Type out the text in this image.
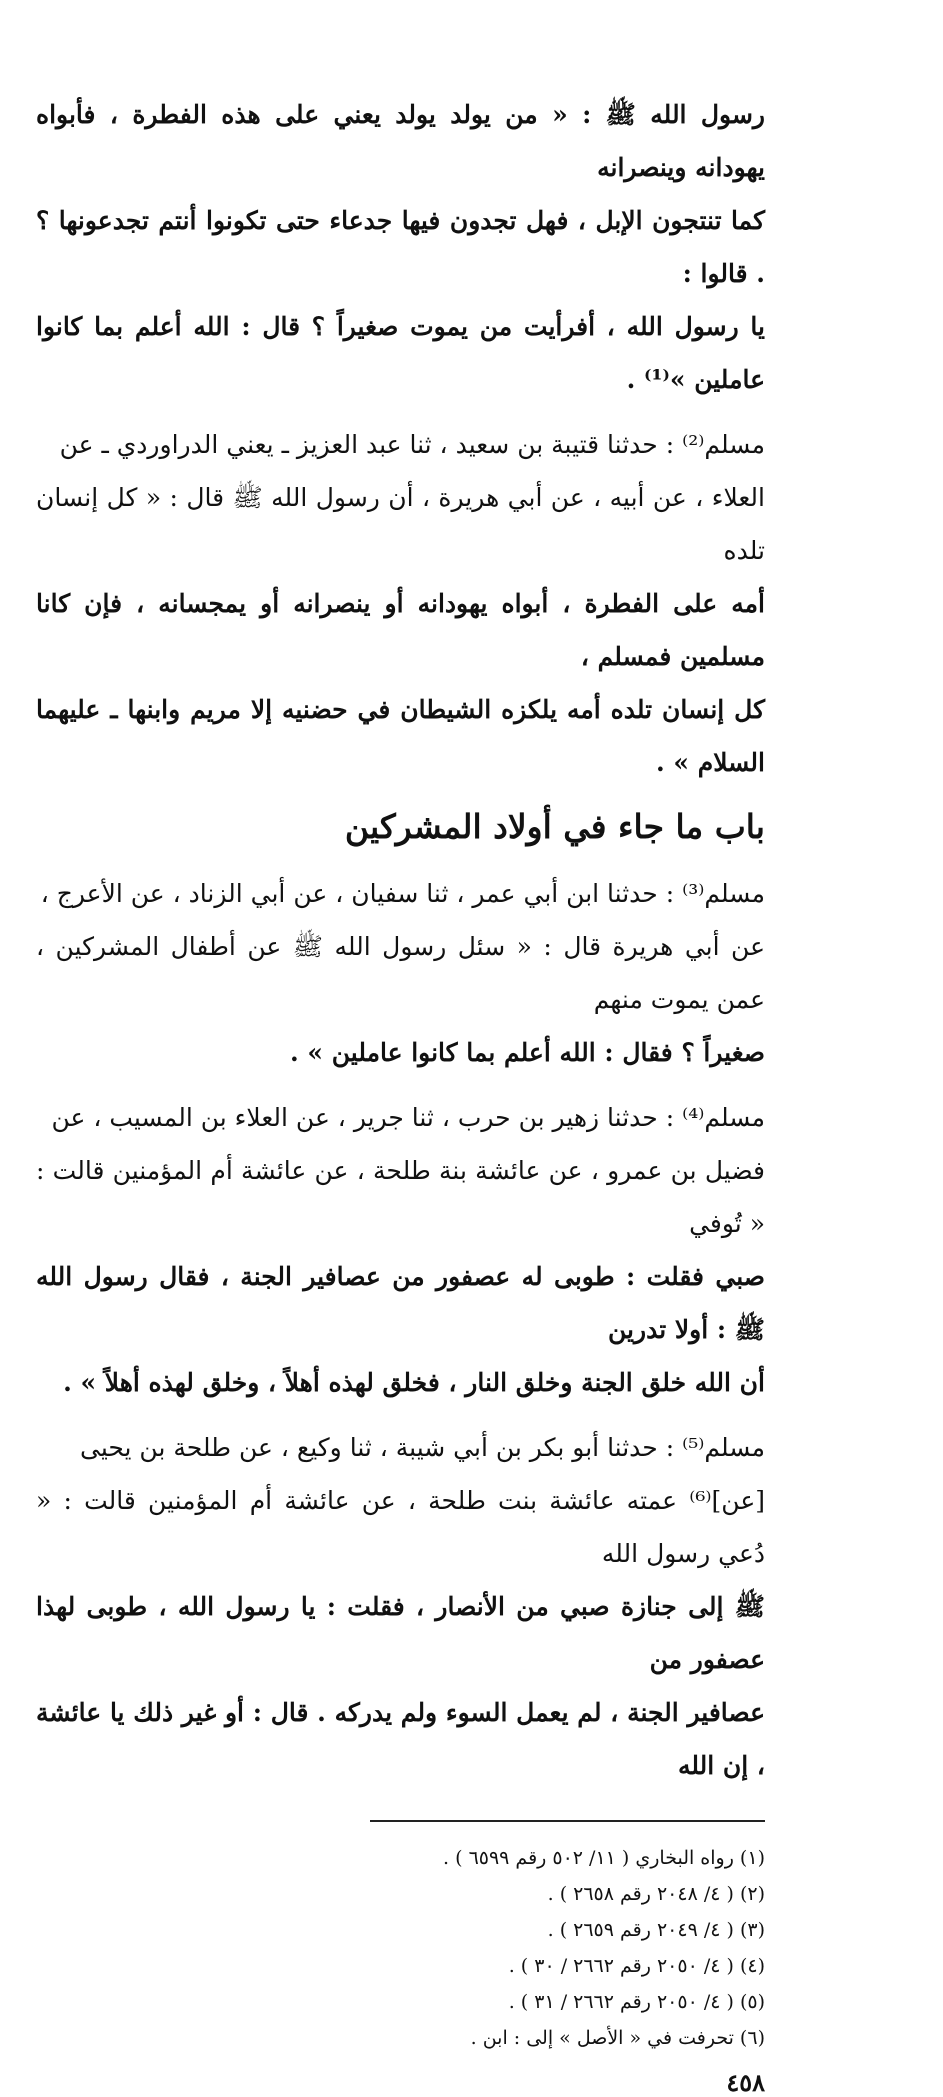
رسول الله ﷺ : « من يولد يولد يعني على هذه الفطرة ، فأبواه يهودانه وينصرانه

كما تنتجون الإبل ، فهل تجدون فيها جدعاء حتى تكونوا أنتم تجدعونها ؟ . قالوا :

يا رسول الله ، أفرأيت من يموت صغيراً ؟ قال : الله أعلم بما كانوا عاملين »⁽¹⁾ .

مسلم⁽²⁾ : حدثنا قتيبة بن سعيد ، ثنا عبد العزيز ـ يعني الدراوردي ـ عن

العلاء ، عن أبيه ، عن أبي هريرة ، أن رسول الله ﷺ قال : « كل إنسان تلده

أمه على الفطرة ، أبواه يهودانه أو ينصرانه أو يمجسانه ، فإن كانا مسلمين فمسلم ،

كل إنسان تلده أمه يلكزه الشيطان في حضنيه إلا مريم وابنها ـ عليهما السلام » .

باب ما جاء في أولاد المشركين

مسلم⁽³⁾ : حدثنا ابن أبي عمر ، ثنا سفيان ، عن أبي الزناد ، عن الأعرج ،

عن أبي هريرة قال : « سئل رسول الله ﷺ عن أطفال المشركين ، عمن يموت منهم

صغيراً ؟ فقال : الله أعلم بما كانوا عاملين » .

مسلم⁽⁴⁾ : حدثنا زهير بن حرب ، ثنا جرير ، عن العلاء بن المسيب ، عن

فضيل بن عمرو ، عن عائشة بنة طلحة ، عن عائشة أم المؤمنين قالت : « تُوفي

صبي فقلت : طوبى له عصفور من عصافير الجنة ، فقال رسول الله ﷺ : أولا تدرين

أن الله خلق الجنة وخلق النار ، فخلق لهذه أهلاً ، وخلق لهذه أهلاً » .

مسلم⁽⁵⁾ : حدثنا أبو بكر بن أبي شيبة ، ثنا وكيع ، عن طلحة بن يحيى

[عن]⁽⁶⁾ عمته عائشة بنت طلحة ، عن عائشة أم المؤمنين قالت : « دُعي رسول الله

ﷺ إلى جنازة صبي من الأنصار ، فقلت : يا رسول الله ، طوبى لهذا عصفور من

عصافير الجنة ، لم يعمل السوء ولم يدركه . قال : أو غير ذلك يا عائشة ، إن الله

(١) رواه البخاري ( ١١/ ٥٠٢ رقم ٦٥٩٩ ) .

(٢) ( ٤/ ٢٠٤٨ رقم ٢٦٥٨ ) .

(٣) ( ٤/ ٢٠٤٩ رقم ٢٦٥٩ ) .

(٤) ( ٤/ ٢٠٥٠ رقم ٢٦٦٢ / ٣٠ ) .

(٥) ( ٤/ ٢٠٥٠ رقم ٢٦٦٢ / ٣١ ) .

(٦) تحرفت في « الأصل » إلى : ابن .

٤٥٨
